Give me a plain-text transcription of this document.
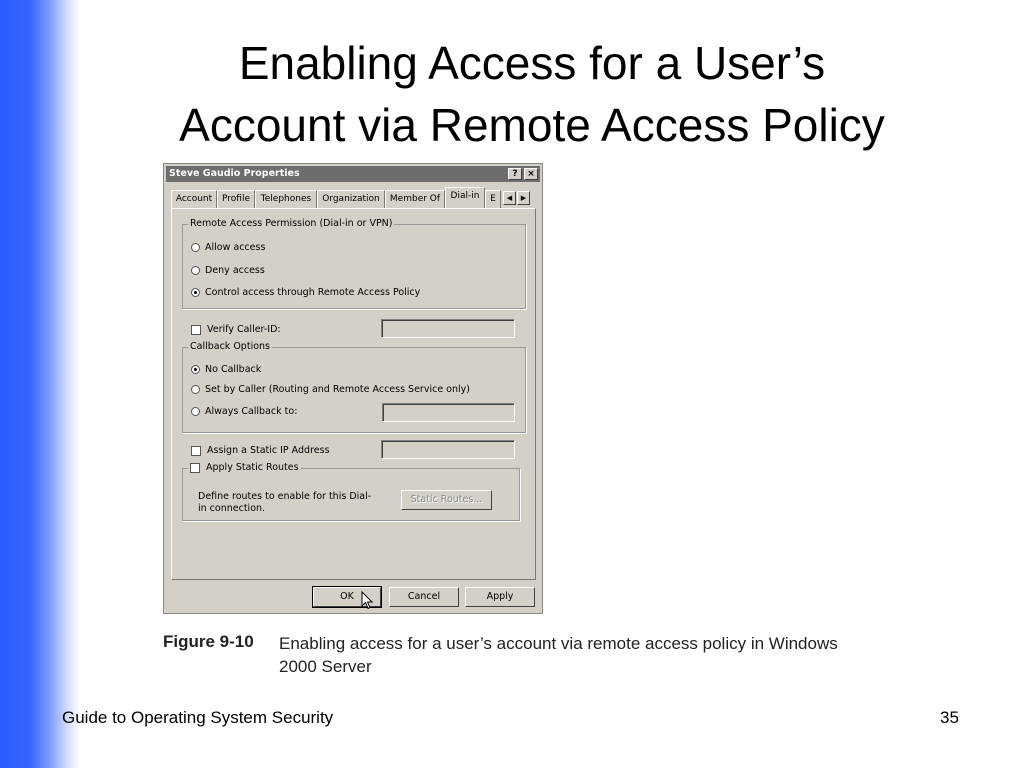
Enabling Access for a User’s
Account via Remote Access Policy
Steve Gaudio Properties	?	×
Account	Profile	Telephones	Organization	Member Of	Dial-in	E	◀	▶
Remote Access Permission (Dial-in or VPN)
Allow access
Deny access
Control access through Remote Access Policy
Verify Caller-ID:
Callback Options
No Callback
Set by Caller (Routing and Remote Access Service only)
Always Callback to:
Assign a Static IP Address
Apply Static Routes
Define routes to enable for this Dial-in connection.
Static Routes...
OK	Cancel	Apply
Figure 9-10 Enabling access for a user’s account via remote access policy in Windows 2000 Server
Guide to Operating System Security	35
